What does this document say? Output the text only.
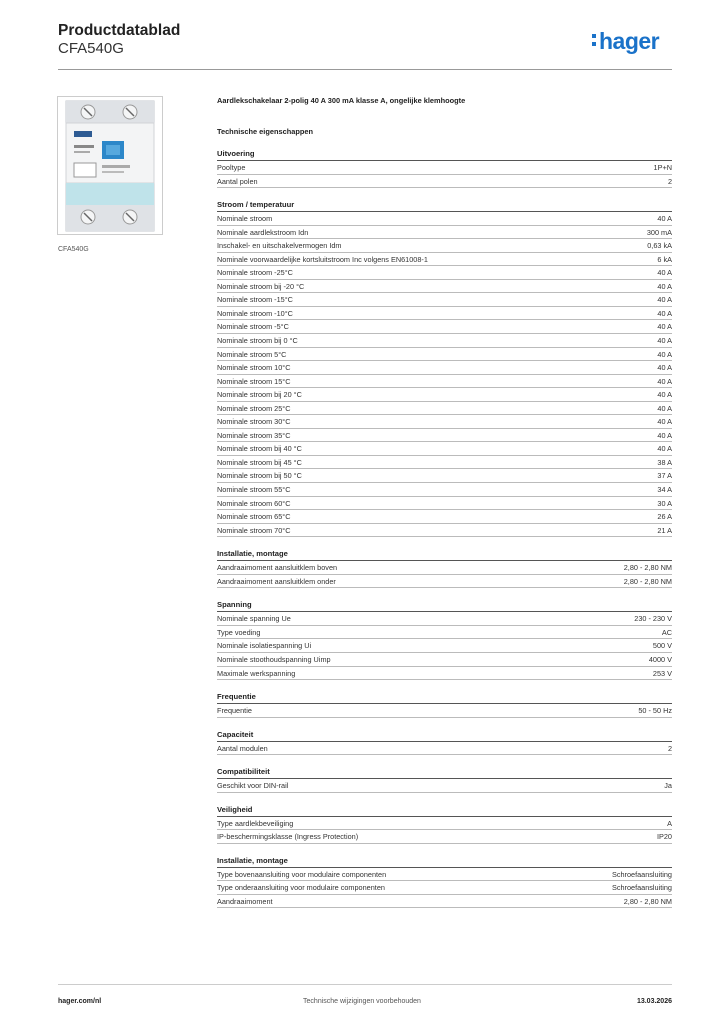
Productdatablad
CFA540G	hager
CFA540G
Aardlekschakelaar 2-polig 40 A 300 mA klasse A, ongelijke klemhoogte
Technische eigenschappen
Uitvoering
Pooltype	1P+N
Aantal polen	2
Stroom / temperatuur
Nominale stroom	40 A
Nominale aardlekstroom Idn	300 mA
Inschakel- en uitschakelvermogen Idm	0,63 kA
Nominale voorwaardelijke kortsluitstroom Inc volgens EN61008-1	6 kA
Nominale stroom -25°C	40 A
Nominale stroom bij -20 °C	40 A
Nominale stroom -15°C	40 A
Nominale stroom -10°C	40 A
Nominale stroom -5°C	40 A
Nominale stroom bij 0 °C	40 A
Nominale stroom 5°C	40 A
Nominale stroom 10°C	40 A
Nominale stroom 15°C	40 A
Nominale stroom bij 20 °C	40 A
Nominale stroom 25°C	40 A
Nominale stroom 30°C	40 A
Nominale stroom 35°C	40 A
Nominale stroom bij 40 °C	40 A
Nominale stroom bij 45 °C	38 A
Nominale stroom bij 50 °C	37 A
Nominale stroom 55°C	34 A
Nominale stroom 60°C	30 A
Nominale stroom 65°C	26 A
Nominale stroom 70°C	21 A
Installatie, montage
Aandraaimoment aansluitklem boven	2,80 - 2,80 NM
Aandraaimoment aansluitklem onder	2,80 - 2,80 NM
Spanning
Nominale spanning Ue	230 - 230 V
Type voeding	AC
Nominale isolatiespanning Ui	500 V
Nominale stoothoudspanning Uimp	4000 V
Maximale werkspanning	253 V
Frequentie
Frequentie	50 - 50 Hz
Capaciteit
Aantal modulen	2
Compatibiliteit
Geschikt voor DIN-rail	Ja
Veiligheid
Type aardlekbeveiliging	A
IP-beschermingsklasse (Ingress Protection)	IP20
Installatie, montage
Type bovenaansluiting voor modulaire componenten	Schroefaansluiting
Type onderaansluiting voor modulaire componenten	Schroefaansluiting
Aandraaimoment	2,80 - 2,80 NM
hager.com/nl	Technische wijzigingen voorbehouden	13.03.2026
